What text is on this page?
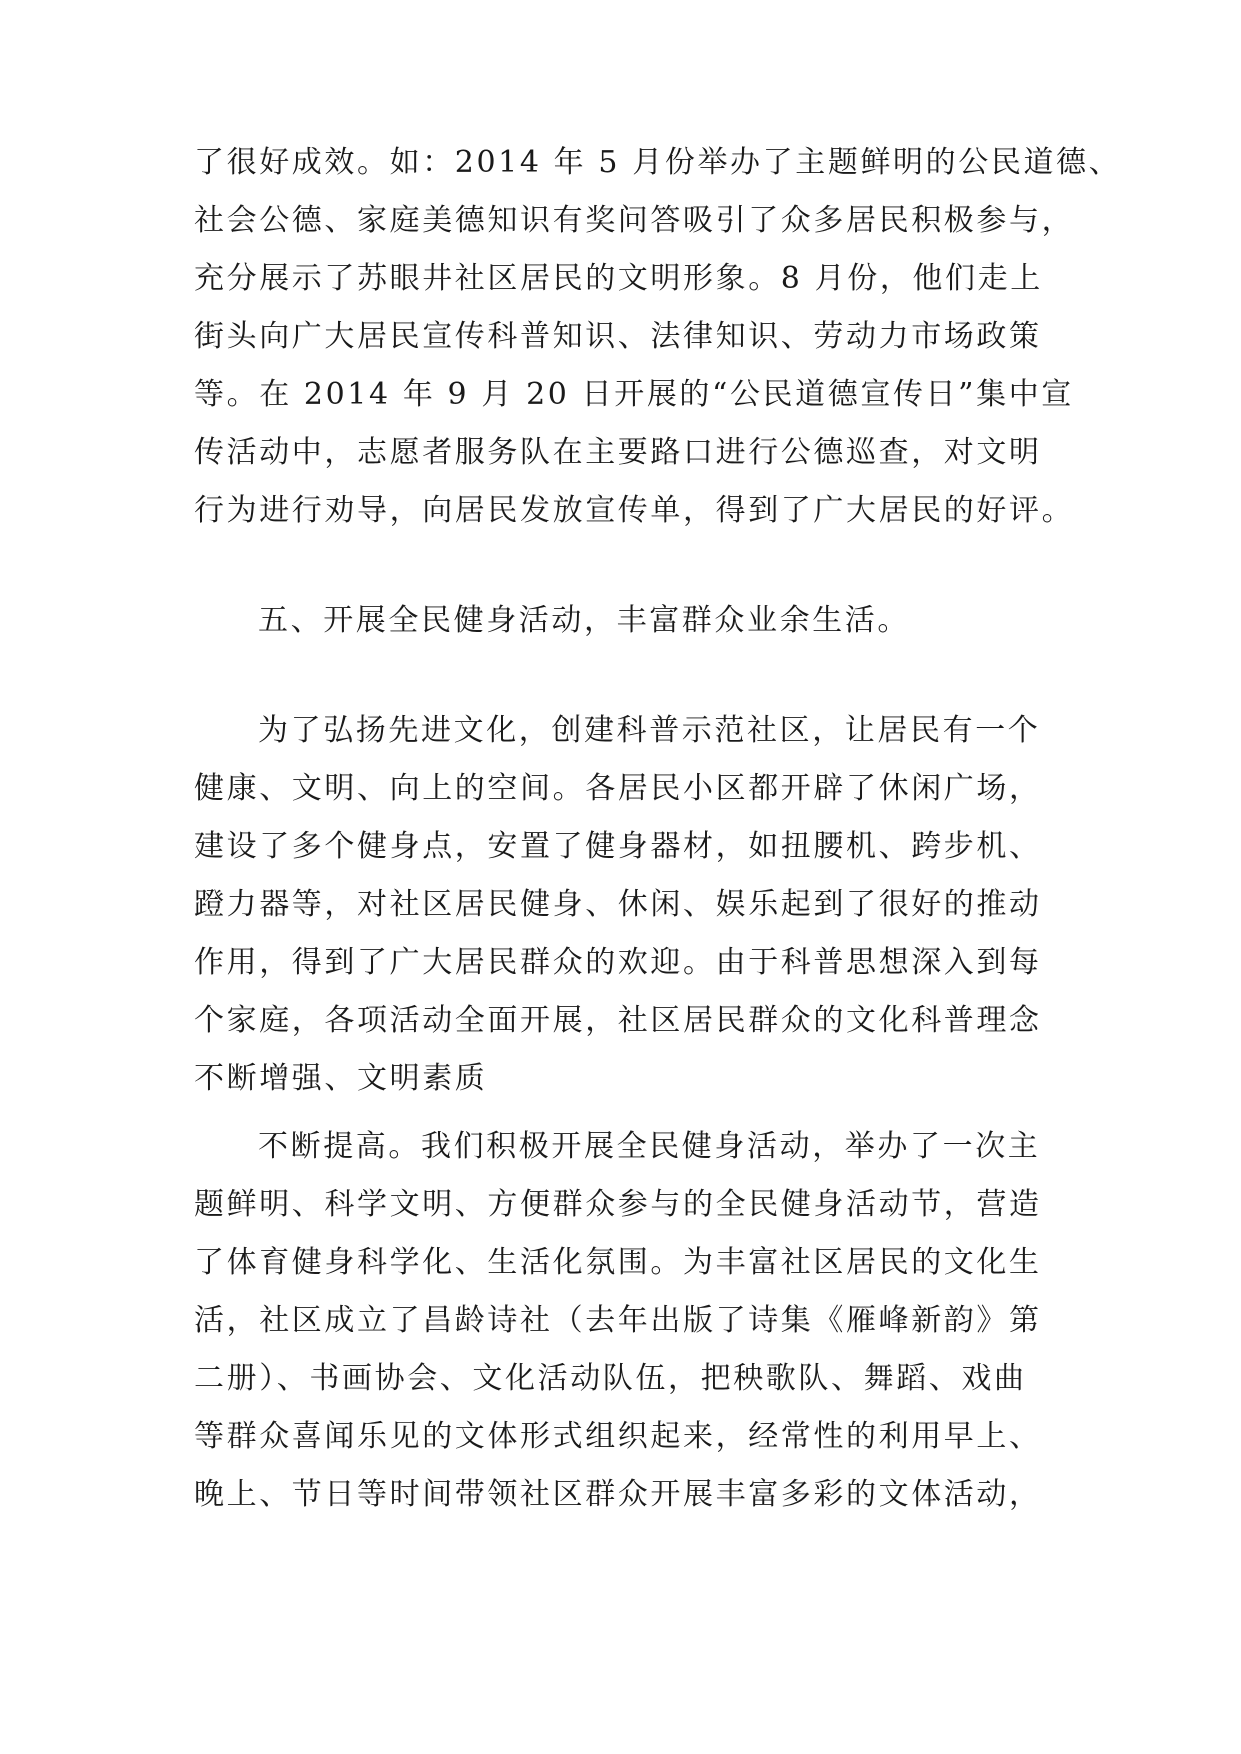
了很好成效。如：2014 年 5 月份举办了主题鲜明的公民道德、
社会公德、家庭美德知识有奖问答吸引了众多居民积极参与，
充分展示了苏眼井社区居民的文明形象。8 月份，他们走上
街头向广大居民宣传科普知识、法律知识、劳动力市场政策
等。在 2014 年 9 月 20 日开展的“公民道德宣传日”集中宣
传活动中，志愿者服务队在主要路口进行公德巡查，对文明
行为进行劝导，向居民发放宣传单，得到了广大居民的好评。
五、开展全民健身活动，丰富群众业余生活。
为了弘扬先进文化，创建科普示范社区，让居民有一个
健康、文明、向上的空间。各居民小区都开辟了休闲广场，
建设了多个健身点，安置了健身器材，如扭腰机、跨步机、
蹬力器等，对社区居民健身、休闲、娱乐起到了很好的推动
作用，得到了广大居民群众的欢迎。由于科普思想深入到每
个家庭，各项活动全面开展，社区居民群众的文化科普理念
不断增强、文明素质
不断提高。我们积极开展全民健身活动，举办了一次主
题鲜明、科学文明、方便群众参与的全民健身活动节，营造
了体育健身科学化、生活化氛围。为丰富社区居民的文化生
活，社区成立了昌龄诗社（去年出版了诗集《雁峰新韵》第
二册）、书画协会、文化活动队伍，把秧歌队、舞蹈、戏曲
等群众喜闻乐见的文体形式组织起来，经常性的利用早上、
晚上、节日等时间带领社区群众开展丰富多彩的文体活动，
